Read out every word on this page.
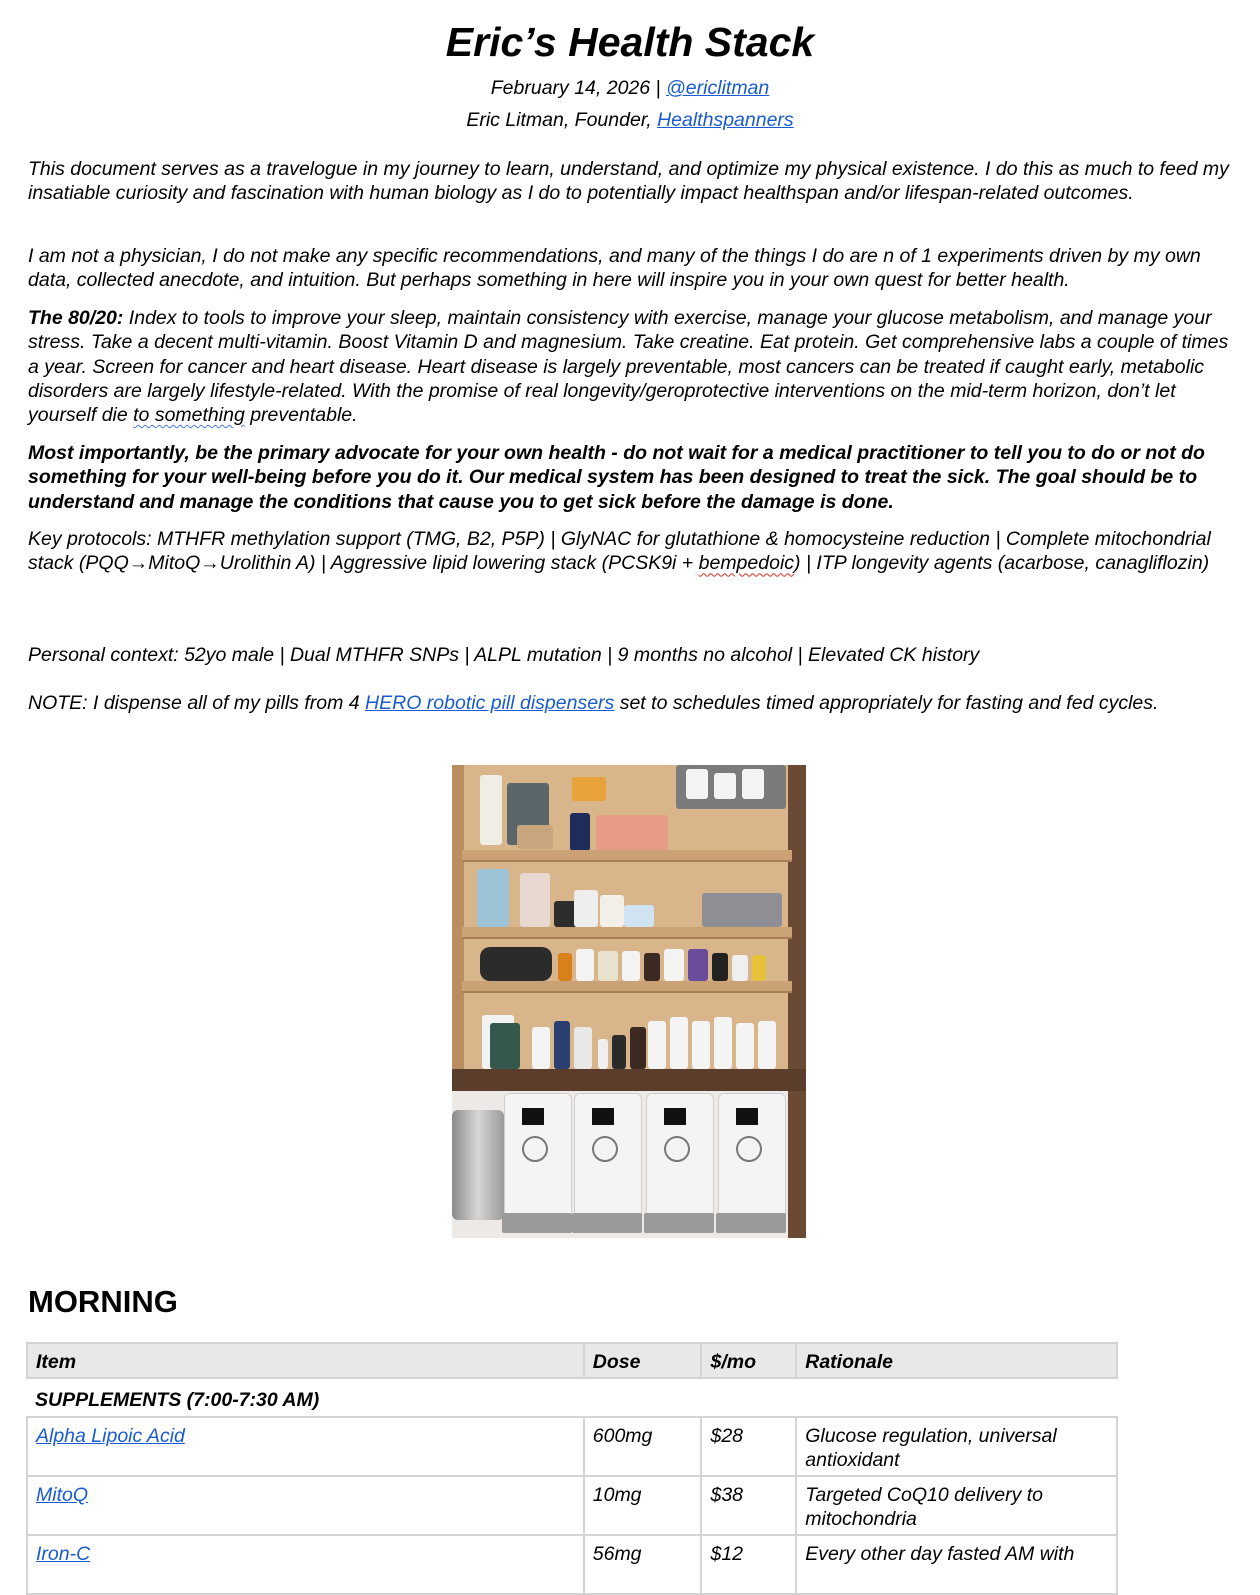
Eric’s Health Stack
February 14, 2026 | @ericlitman
Eric Litman, Founder, Healthspanners

This document serves as a travelogue in my journey to learn, understand, and optimize my physical existence. I do this as much to feed my insatiable curiosity and fascination with human biology as I do to potentially impact healthspan and/or lifespan-related outcomes.

I am not a physician, I do not make any specific recommendations, and many of the things I do are n of 1 experiments driven by my own data, collected anecdote, and intuition. But perhaps something in here will inspire you in your own quest for better health.

The 80/20: Index to tools to improve your sleep, maintain consistency with exercise, manage your glucose metabolism, and manage your stress. Take a decent multi-vitamin. Boost Vitamin D and magnesium. Take creatine. Eat protein. Get comprehensive labs a couple of times a year. Screen for cancer and heart disease. Heart disease is largely preventable, most cancers can be treated if caught early, metabolic disorders are largely lifestyle-related. With the promise of real longevity/geroprotective interventions on the mid-term horizon, don’t let yourself die to something preventable.

Most importantly, be the primary advocate for your own health - do not wait for a medical practitioner to tell you to do or not do something for your well-being before you do it. Our medical system has been designed to treat the sick. The goal should be to understand and manage the conditions that cause you to get sick before the damage is done.

Key protocols: MTHFR methylation support (TMG, B2, P5P) | GlyNAC for glutathione & homocysteine reduction | Complete mitochondrial stack (PQQ→MitoQ→Urolithin A) | Aggressive lipid lowering stack (PCSK9i + bempedoic) | ITP longevity agents (acarbose, canagliflozin)

Personal context: 52yo male | Dual MTHFR SNPs | ALPL mutation | 9 months no alcohol | Elevated CK history

NOTE: I dispense all of my pills from 4 HERO robotic pill dispensers set to schedules timed appropriately for fasting and fed cycles.

MORNING
Item	Dose	$/mo	Rationale
SUPPLEMENTS (7:00-7:30 AM)			
Alpha Lipoic Acid	600mg	$28	Glucose regulation, universal antioxidant
MitoQ	10mg	$38	Targeted CoQ10 delivery to mitochondria
Iron-C	56mg	$12	Every other day fasted AM with
